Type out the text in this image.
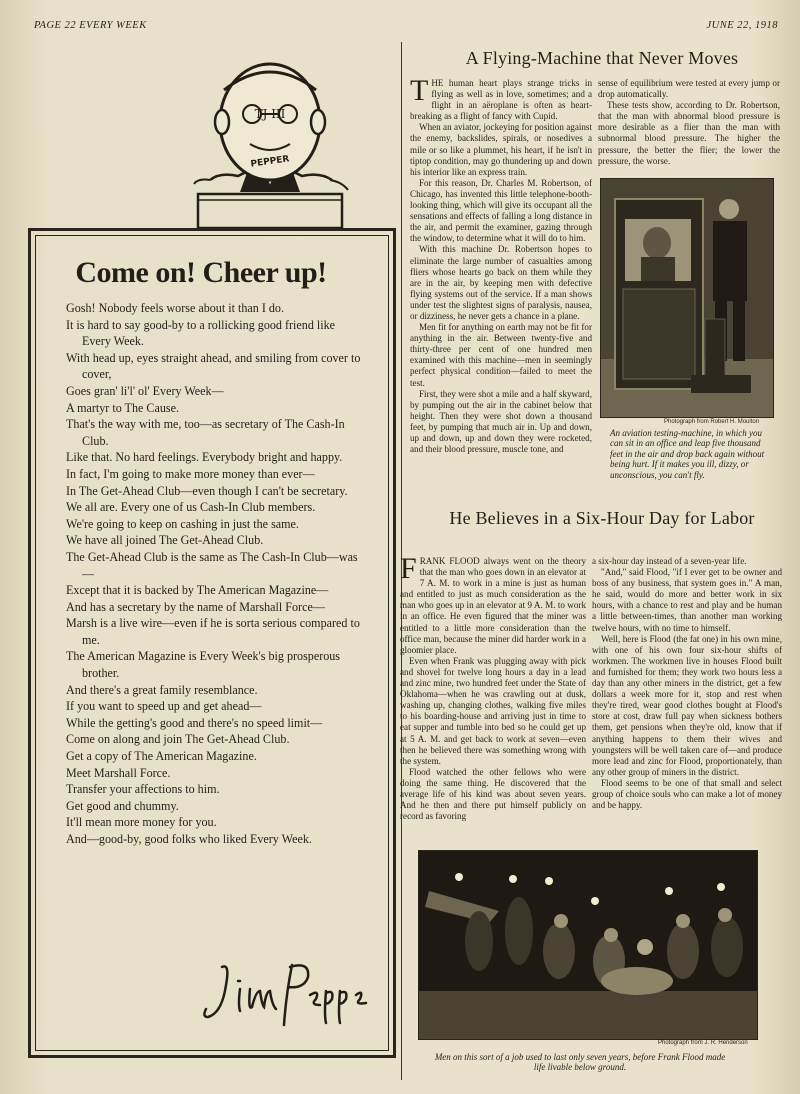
PAGE 22 EVERY WEEK	JUNE 22, 1918
TJ III
PEPPER
Come on! Cheer up!
Gosh! Nobody feels worse about it than I do.
It is hard to say good-by to a rollicking good friend like Every Week.
With head up, eyes straight ahead, and smiling from cover to cover,
Goes gran' li'l' ol' Every Week—
A martyr to The Cause.
That's the way with me, too—as secretary of The Cash-In Club.
Like that. No hard feelings. Everybody bright and happy.
In fact, I'm going to make more money than ever—
In The Get-Ahead Club—even though I can't be secretary.
We all are. Every one of us Cash-In Club members.
We're going to keep on cashing in just the same.
We have all joined The Get-Ahead Club.
The Get-Ahead Club is the same as The Cash-In Club—was—
Except that it is backed by The American Magazine—
And has a secretary by the name of Marshall Force—
Marsh is a live wire—even if he is sorta serious compared to me.
The American Magazine is Every Week's big prosperous brother.
And there's a great family resemblance.
If you want to speed up and get ahead—
While the getting's good and there's no speed limit—
Come on along and join The Get-Ahead Club.
Get a copy of The American Magazine.
Meet Marshall Force.
Transfer your affections to him.
Get good and chummy.
It'll mean more money for you.
And—good-by, good folks who liked Every Week.
A Flying-Machine that Never Moves

THE human heart plays strange tricks in flying as well as in love, sometimes; and a flight in an aëroplane is often as heart-breaking as a flight of fancy with Cupid.

When an aviator, jockeying for position against the enemy, backslides, spirals, or nosedives a mile or so like a plummet, his heart, if he isn't in tiptop condition, may go thundering up and down his interior like an express train.

For this reason, Dr. Charles M. Robertson, of Chicago, has invented this little telephone-booth-looking thing, which will give its occupant all the sensations and effects of falling a long distance in the air, and permit the examiner, gazing through the window, to determine what it will do to him.

With this machine Dr. Robertson hopes to eliminate the large number of casualties among fliers whose hearts go back on them while they are in the air, by keeping men with defective flying systems out of the service. If a man shows under test the slightest signs of paralysis, nausea, or dizziness, he never gets a chance in a plane.

Men fit for anything on earth may not be fit for anything in the air. Between twenty-five and thirty-three per cent of one hundred men examined with this machine—men in seemingly perfect physical condition—failed to meet the test.

First, they were shot a mile and a half skyward, by pumping out the air in the cabinet below that height. Then they were shot down a thousand feet, by pumping that much air in. Up and down, up and down, up and down they were rocketed, and their blood pressure, muscle tone, and

sense of equilibrium were tested at every jump or drop automatically.

These tests show, according to Dr. Robertson, that the man with abnormal blood pressure is more desirable as a flier than the man with subnormal blood pressure. The higher the pressure, the better the flier; the lower the pressure, the worse.

Photograph from Robert H. Moulton
An aviation testing-machine, in which you can sit in an office and leap five thousand feet in the air and drop back again without being hurt. If it makes you ill, dizzy, or unconscious, you can't fly.
He Believes in a Six-Hour Day for Labor

FRANK FLOOD always went on the theory that the man who goes down in an elevator at 7 A. M. to work in a mine is just as human and entitled to just as much consideration as the man who goes up in an elevator at 9 A. M. to work in an office. He even figured that the miner was entitled to a little more consideration than the office man, because the miner did harder work in a gloomier place.

Even when Frank was plugging away with pick and shovel for twelve long hours a day in a lead and zinc mine, two hundred feet under the State of Oklahoma—when he was crawling out at dusk, washing up, changing clothes, walking five miles to his boarding-house and arriving just in time to eat supper and tumble into bed so he could get up at 5 A. M. and get back to work at seven—even then he believed there was something wrong with the system.

Flood watched the other fellows who were doing the same thing. He discovered that the average life of his kind was about seven years. And he then and there put himself publicly on record as favoring

a six-hour day instead of a seven-year life.

"And," said Flood, "if I ever get to be owner and boss of any business, that system goes in." A man, he said, would do more and better work in six hours, with a chance to rest and play and be human a little between-times, than another man working twelve hours, with no time to himself.

Well, here is Flood (the fat one) in his own mine, with one of his own four six-hour shifts of workmen. The workmen live in houses Flood built and furnished for them; they work two hours less a day than any other miners in the district, get a few dollars a week more for it, stop and rest when they're tired, wear good clothes bought at Flood's store at cost, draw full pay when sickness bothers them, get pensions when they're old, know that if anything happens to them their wives and youngsters will be well taken care of—and produce more lead and zinc for Flood, proportionately, than any other group of miners in the district.

Flood seems to be one of that small and select group of choice souls who can make a lot of money and be happy.

Photograph from J. R. Henderson
Men on this sort of a job used to last only seven years, before Frank Flood made life livable below ground.
